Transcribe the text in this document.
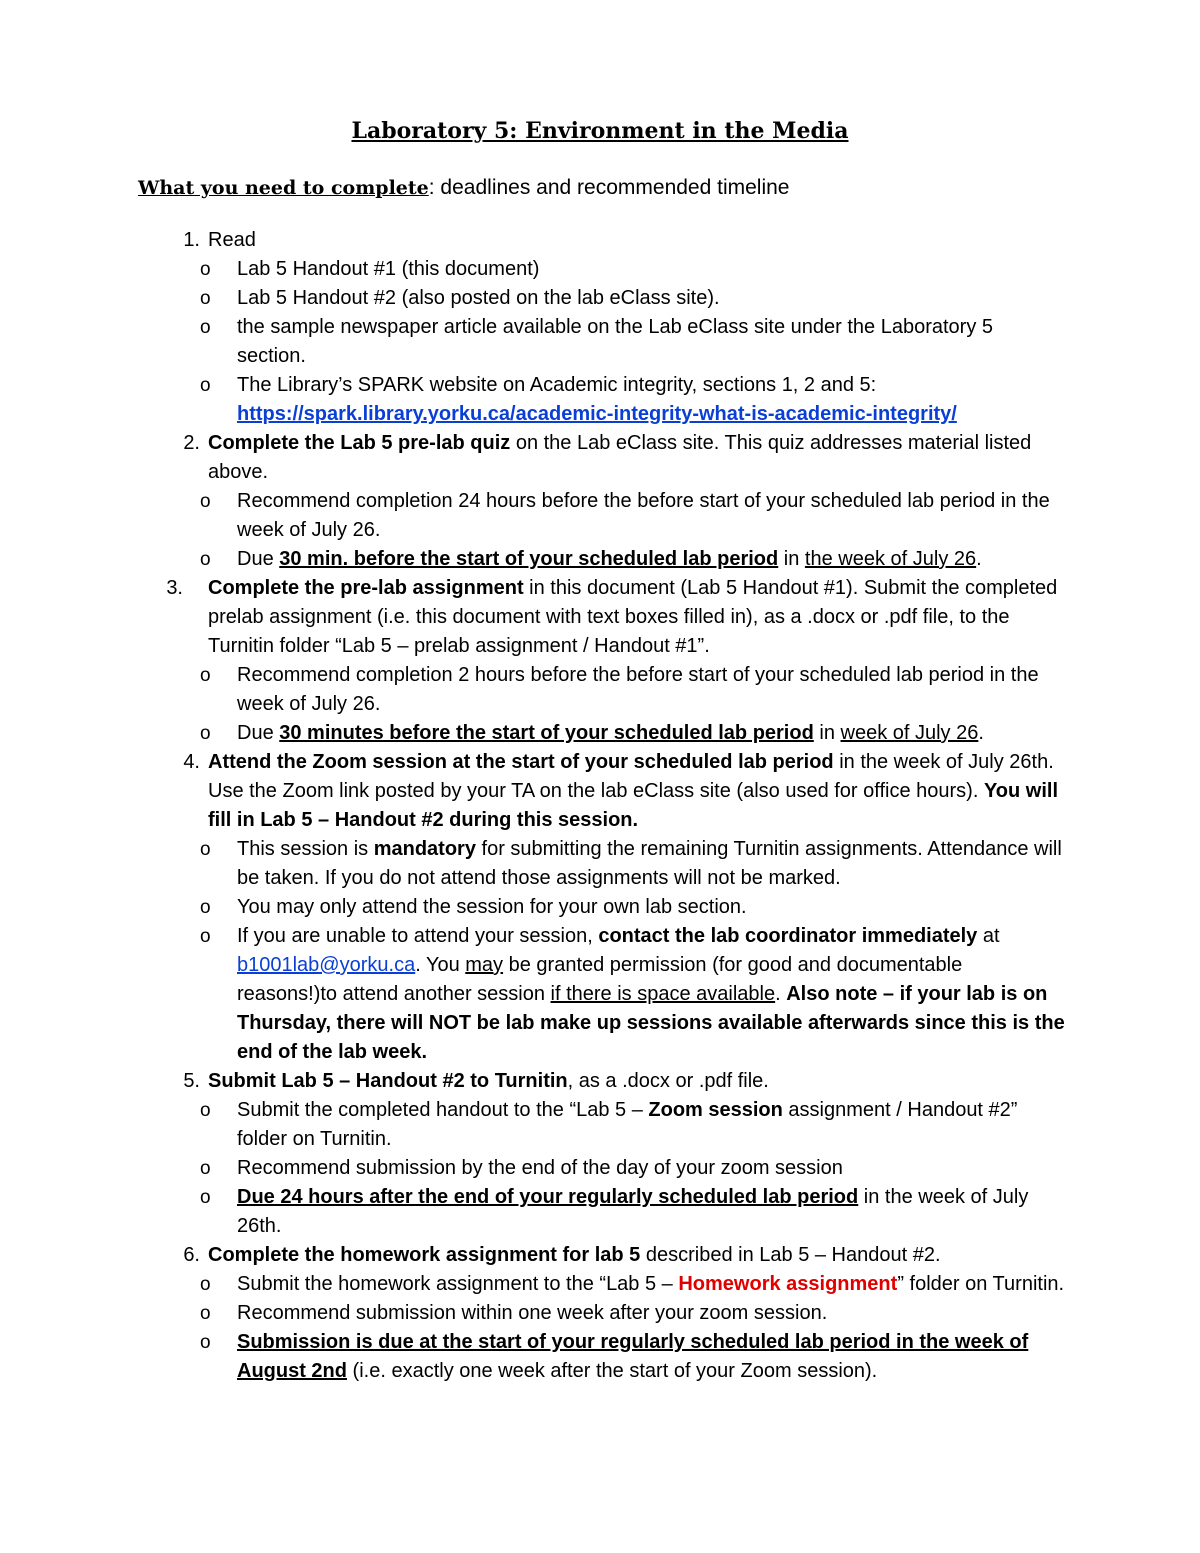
Laboratory 5: Environment in the Media
What you need to complete: deadlines and recommended timeline
1. Read
o Lab 5 Handout #1 (this document)
o Lab 5 Handout #2 (also posted on the lab eClass site).
o the sample newspaper article available on the Lab eClass site under the Laboratory 5 section.
o The Library’s SPARK website on Academic integrity, sections 1, 2 and 5:
https://spark.library.yorku.ca/academic-integrity-what-is-academic-integrity/
2. Complete the Lab 5 pre-lab quiz on the Lab eClass site. This quiz addresses material listed above.
o Recommend completion 24 hours before the before start of your scheduled lab period in the week of July 26.
o Due 30 min. before the start of your scheduled lab period in the week of July 26.
3. Complete the pre-lab assignment in this document (Lab 5 Handout #1). Submit the completed prelab assignment (i.e. this document with text boxes filled in), as a .docx or .pdf file, to the Turnitin folder “Lab 5 – prelab assignment / Handout #1”.
o Recommend completion 2 hours before the before start of your scheduled lab period in the week of July 26.
o Due 30 minutes before the start of your scheduled lab period in week of July 26.
4. Attend the Zoom session at the start of your scheduled lab period in the week of July 26th. Use the Zoom link posted by your TA on the lab eClass site (also used for office hours). You will fill in Lab 5 – Handout #2 during this session.
o This session is mandatory for submitting the remaining Turnitin assignments. Attendance will be taken. If you do not attend those assignments will not be marked.
o You may only attend the session for your own lab section.
o If you are unable to attend your session, contact the lab coordinator immediately at b1001lab@yorku.ca. You may be granted permission (for good and documentable reasons!)to attend another session if there is space available. Also note – if your lab is on Thursday, there will NOT be lab make up sessions available afterwards since this is the end of the lab week.
5. Submit Lab 5 – Handout #2 to Turnitin, as a .docx or .pdf file.
o Submit the completed handout to the “Lab 5 – Zoom session assignment / Handout #2” folder on Turnitin.
o Recommend submission by the end of the day of your zoom session
o Due 24 hours after the end of your regularly scheduled lab period in the week of July 26th.
6. Complete the homework assignment for lab 5 described in Lab 5 – Handout #2.
o Submit the homework assignment to the “Lab 5 – Homework assignment” folder on Turnitin.
o Recommend submission within one week after your zoom session.
o Submission is due at the start of your regularly scheduled lab period in the week of August 2nd (i.e. exactly one week after the start of your Zoom session).
